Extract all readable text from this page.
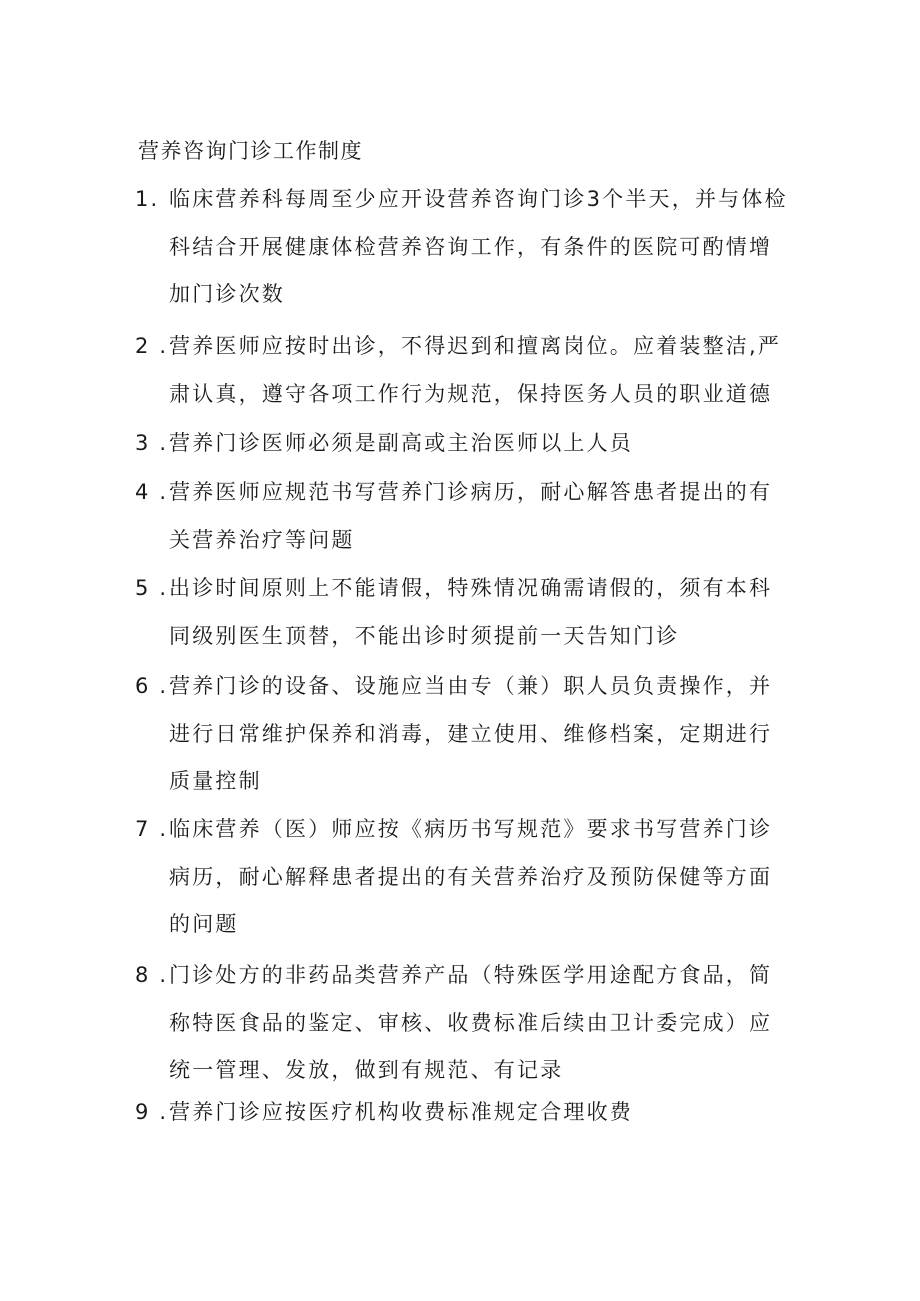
营养咨询门诊工作制度
1. 临床营养科每周至少应开设营养咨询门诊3个半天，并与体检
科结合开展健康体检营养咨询工作，有条件的医院可酌情增
加门诊次数
2 . 营养医师应按时出诊，不得迟到和擅离岗位。应着装整洁,严
肃认真，遵守各项工作行为规范，保持医务人员的职业道德
3 . 营养门诊医师必须是副高或主治医师以上人员
4 . 营养医师应规范书写营养门诊病历，耐心解答患者提出的有
关营养治疗等问题
5 . 出诊时间原则上不能请假，特殊情况确需请假的，须有本科
同级别医生顶替，不能出诊时须提前一天告知门诊
6 . 营养门诊的设备、设施应当由专（兼）职人员负责操作，并
进行日常维护保养和消毒，建立使用、维修档案，定期进行
质量控制
7 . 临床营养（医）师应按《病历书写规范》要求书写营养门诊
病历，耐心解释患者提出的有关营养治疗及预防保健等方面
的问题
8 . 门诊处方的非药品类营养产品（特殊医学用途配方食品，简
称特医食品的鉴定、审核、收费标准后续由卫计委完成）应
统一管理、发放，做到有规范、有记录
9 . 营养门诊应按医疗机构收费标准规定合理收费
